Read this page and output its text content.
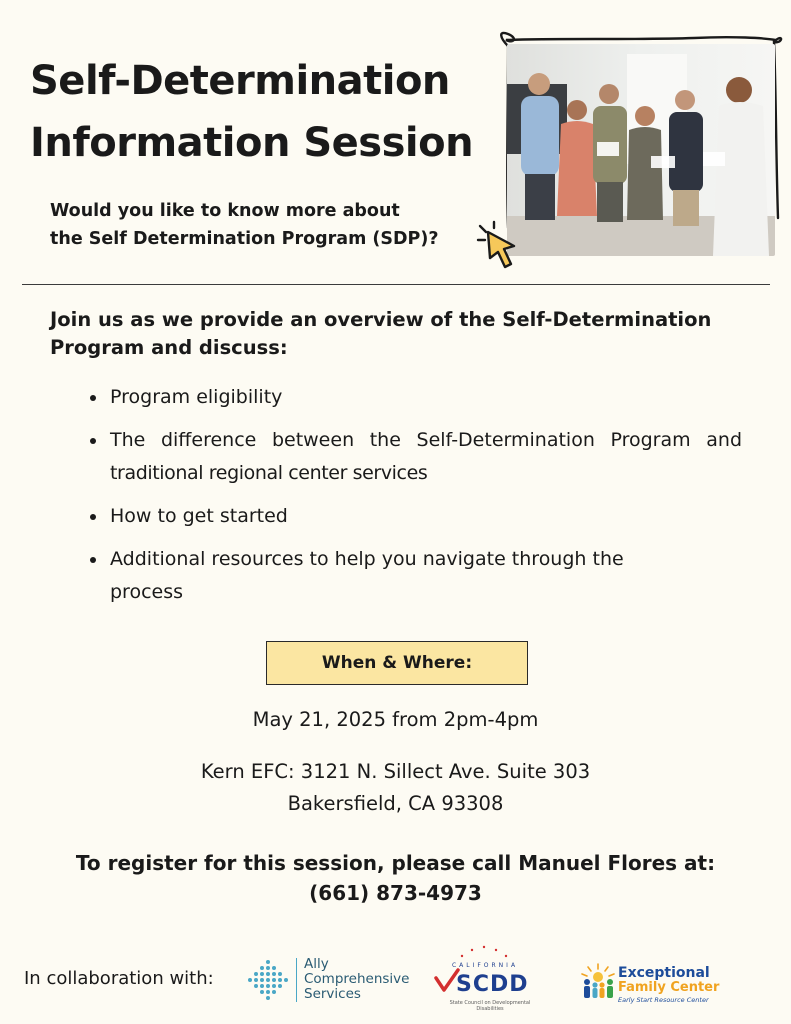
Self-Determination
Information Session
Would you like to know more about
the Self Determination Program (SDP)?
Join us as we provide an overview of the Self-Determination
Program and discuss:
Program eligibility
The difference between the Self-Determination Program and
traditional regional center services
How to get started
Additional resources to help you navigate through the
process
When & Where:
May 21, 2025 from 2pm-4pm
Kern EFC: 3121 N. Sillect Ave. Suite 303
Bakersfield, CA 93308
To register for this session, please call Manuel Flores at:
(661) 873-4973
In collaboration with:
Ally
Comprehensive
Services
CALIFORNIA
SCDD
State Council on Developmental Disabilities
Exceptional
Family Center
Early Start Resource Center
